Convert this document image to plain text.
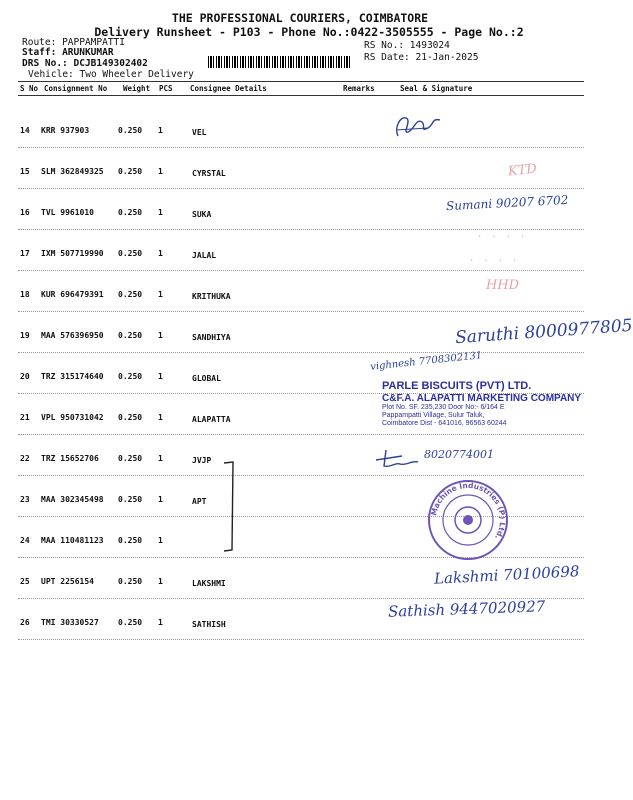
THE PROFESSIONAL COURIERS, COIMBATORE
Delivery Runsheet - P103 - Phone No.:0422-3505555 - Page No.:2
Route: PAPPAMPATTI
Staff: ARUNKUMAR
DRS No.: DCJB149302402
Vehicle: Two Wheeler Delivery
RS No.: 1493024
RS Date: 21-Jan-2025
S No Consignment No Weight PCS Consignee Details	Remarks	Seal & Signature
14 KRR 937903	0.250 1	VEL
15 SLM 362849325 0.250 1	CYRSTAL
16 TVL 9961010	0.250 1	SUKA
17 IXM 507719990 0.250 1	JALAL
18 KUR 696479391 0.250 1	KRITHUKA
19 MAA 576396950 0.250 1	SANDHIYA
20 TRZ 315174640 0.250 1	GLOBAL
21 VPL 950731042 0.250 1	ALAPATTA
22 TRZ 15652706 0.250 1	JVJP
23 MAA 302345498 0.250 1	APT
24 MAA 110481123 0.250 1
25 UPT 2256154	0.250 1	LAKSHMI
26 TMI 30330527 0.250 1	SATHISH
KTD
Sumani 90207 6702
· · · ·
· · · ·
HHD
Saruthi 8000977805
vighnesh 7708302131
PARLE BISCUITS (PVT) LTD.
C&F.A. ALAPATTI MARKETING COMPANY
Plot No. SF. 235,230 Door No:- 6/164 E
Pappampatti Village, Sulur Taluk,
Coimbatore Dist - 641016. 96563 60244
8020774001
Machine Industries (P) Ltd.
Lakshmi 70100698
Sathish 9447020927
